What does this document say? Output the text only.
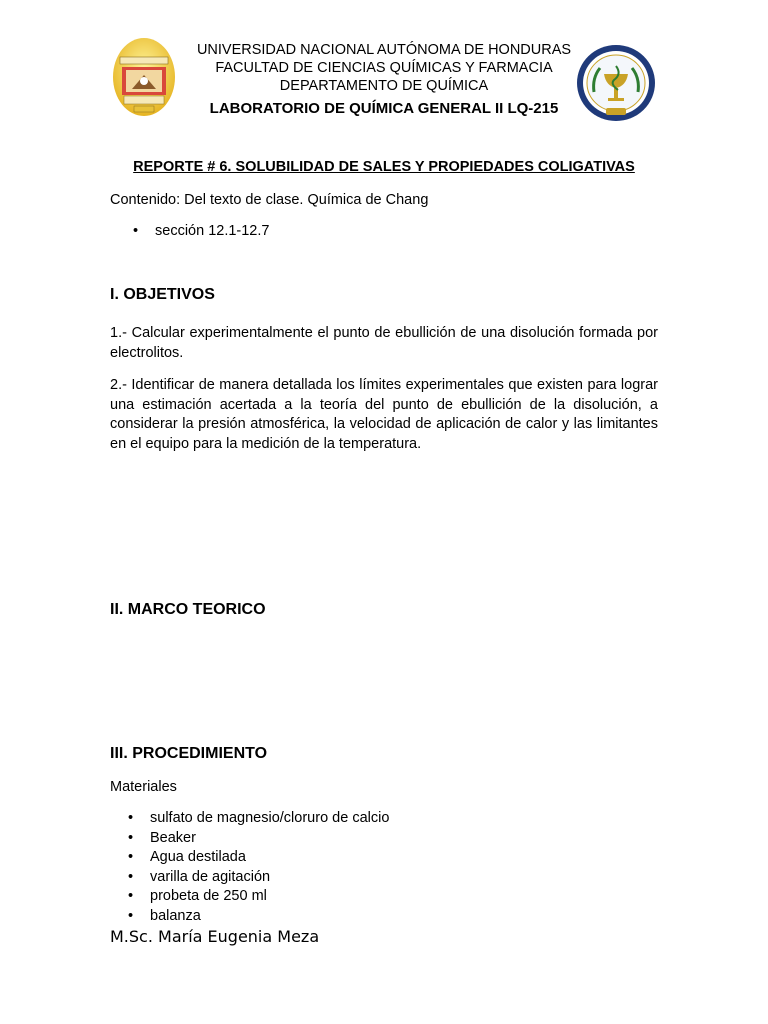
UNIVERSIDAD NACIONAL AUTÓNOMA DE HONDURAS
FACULTAD DE CIENCIAS QUÍMICAS Y FARMACIA
DEPARTAMENTO DE QUÍMICA
LABORATORIO DE QUÍMICA GENERAL II LQ-215
REPORTE # 6. SOLUBILIDAD DE SALES Y PROPIEDADES COLIGATIVAS
Contenido: Del texto de clase. Química de Chang
• sección 12.1-12.7
I. OBJETIVOS
1.- Calcular experimentalmente el punto de ebullición de una disolución formada por electrolitos.
2.- Identificar de manera detallada los límites experimentales que existen para lograr una estimación acertada a la teoría del punto de ebullición de la disolución, a considerar la presión atmosférica, la velocidad de aplicación de calor y las limitantes en el equipo para la medición de la temperatura.
II. MARCO TEORICO
III. PROCEDIMIENTO
Materiales
• sulfato de magnesio/cloruro de calcio
• Beaker
• Agua destilada
• varilla de agitación
• probeta de 250 ml
• balanza
M.Sc. María Eugenia Meza
